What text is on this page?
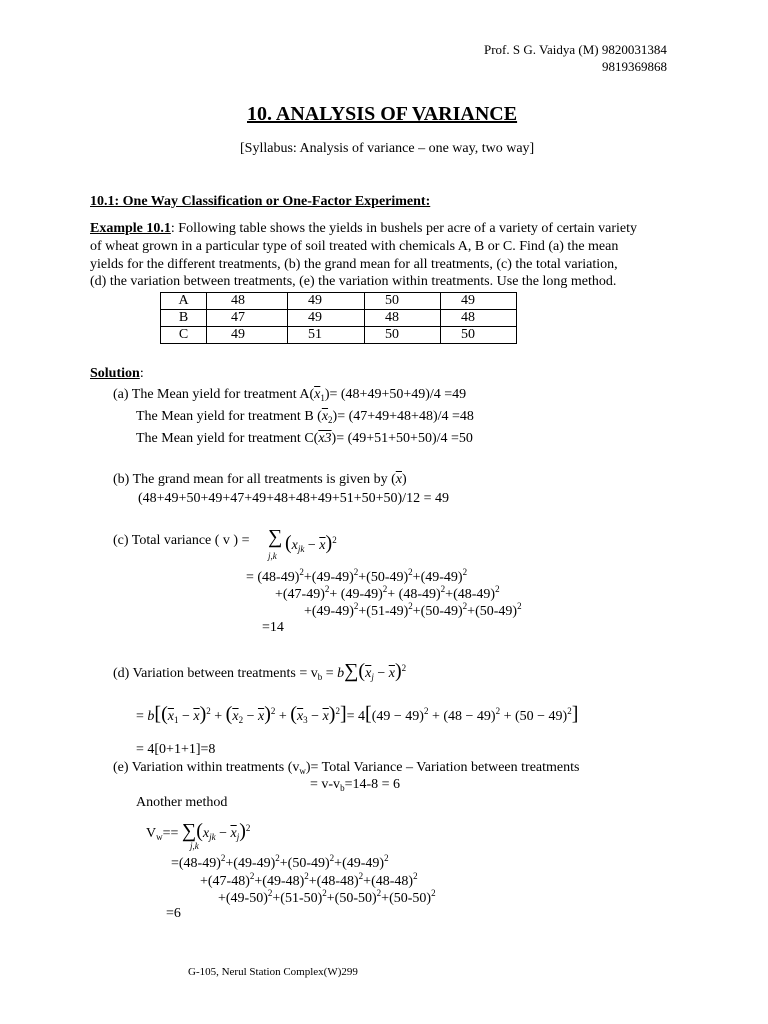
Prof. S G. Vaidya (M) 9820031384
9819369868
10. ANALYSIS OF VARIANCE
[Syllabus: Analysis of variance – one way, two way]
10.1: One Way Classification or One-Factor Experiment:
Example 10.1: Following table shows the yields in bushels per acre of a variety of certain variety
of wheat grown in a particular type of soil treated with chemicals A, B or C. Find (a) the mean
yields for the different treatments, (b) the grand mean for all treatments, (c) the total variation,
(d) the variation between treatments, (e) the variation within treatments. Use the long method.
A	48	49	50	49
B	47	49	48	48
C	49	51	50	50
Solution:
(a) The Mean yield for treatment $A(\overline{x}_1)= (48+49+50+49)/4 =49$
The Mean yield for treatment B $(\overline{x}_2)= (47+49+48+48)/4 =48$
The Mean yield for treatment C(x3)= (49+51+50+50)/4 =50
(b) The grand mean for all treatments is given by $(\overline{x})$
(48+49+50+49+47+49+48+48+49+51+50+50)/12 = 49
(c) Total variance ( v ) = ∑
j,k
$(x_{jk} - \overline{x})^2$
= $(48-49)^2+(49-49)^2+(50-49)^2+(49-49)^2$
$+(47-49)^2+ (49-49)^2+ (48-49)^2+(48-49)^2$
$+(49-49)^2+(51-49)^2+(50-49)^2+(50-49)^2$
=14
(d) Variation between treatments = $v_b = b\sum(\overline{x}_j - \overline{x})^2$
= $b[(\overline{x}_1 - \overline{x})^2 + (\overline{x}_2 - \overline{x})^2 + (\overline{x}_3 - \overline{x})^2]= 4[(49 - 49)^2 + (48 - 49)^2 + (50 - 49)^2]$
= 4[0+1+1]=8
(e) Variation within treatments $(v_w)=$ Total Variance – Variation between treatments
= $v-v_b=14-8 = 6$
Another method
$V_w== \sum(x_{jk} - \overline{x}_j)^2$
j,k
$=(48-49)^2+(49-49)^2+(50-49)^2+(49-49)^2$
$+(47-48)^2+(49-48)^2+(48-48)^2+(48-48)^2$
$+(49-50)^2+(51-50)^2+(50-50)^2+(50-50)^2$
=6
G-105, Nerul Station Complex(W)299
